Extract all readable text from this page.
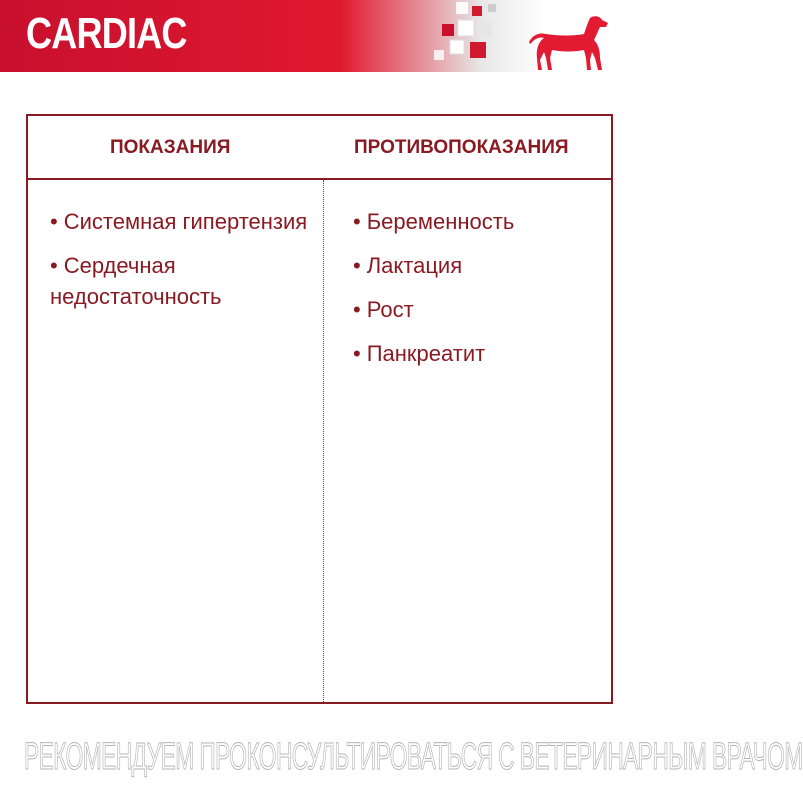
CARDIAC
ПОКАЗАНИЯ	ПРОТИВОПОКАЗАНИЯ
• Системная гипертензия
• Сердечная недостаточность
• Беременность
• Лактация
• Рост
• Панкреатит
РЕКОМЕНДУЕМ ПРОКОНСУЛЬТИРОВАТЬСЯ С ВЕТЕРИНАРНЫМ ВРАЧОМ
